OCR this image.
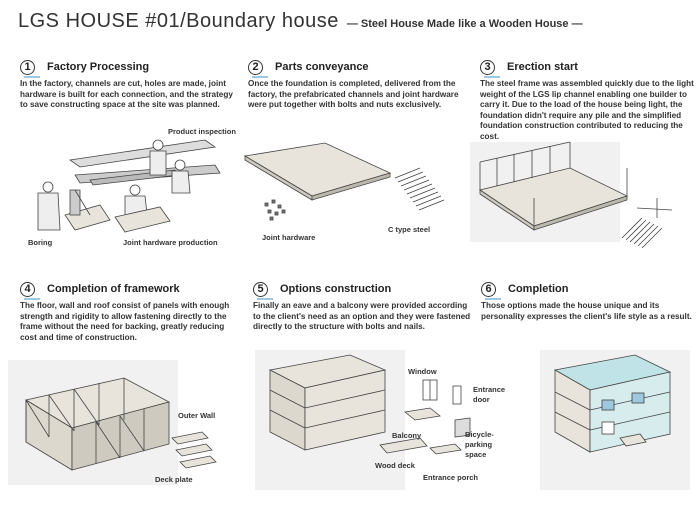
LGS HOUSE #01/Boundary house — Steel House Made like a Wooden House —
1	Factory Processing
In the factory, channels are cut, holes are made, joint hardware is built for each connection, and the strategy to save constructing space at the site was planned.
Product inspection
Boring	Joint hardware production
2	Parts conveyance
Once the foundation is completed, delivered from the factory, the prefabricated channels and joint hardware were put together with bolts and nuts exclusively.
Joint hardware
C type steel
3	Erection start
The steel frame was assembled quickly due to the light weight of the LGS lip channel enabling one builder to carry it. Due to the load of the house being light, the foundation didn't require any pile and the simplified foundation construction contributed to reducing the cost.
4	Completion of framework
The floor, wall and roof consist of panels with enough strength and rigidity to allow fastening directly to the frame without the need for backing, greatly reducing cost and time of construction.
Outer Wall
Deck plate
5	Options construction
Finally an eave and a balcony were provided according to the client's need as an option and they were fastened directly to the structure with bolts and nails.
Window
Entrance door
Balcony	Bicycle-parking space
Wood deck
Entrance porch
6	Completion
Those options made the house unique and its personality expresses the client's life style as a result.
